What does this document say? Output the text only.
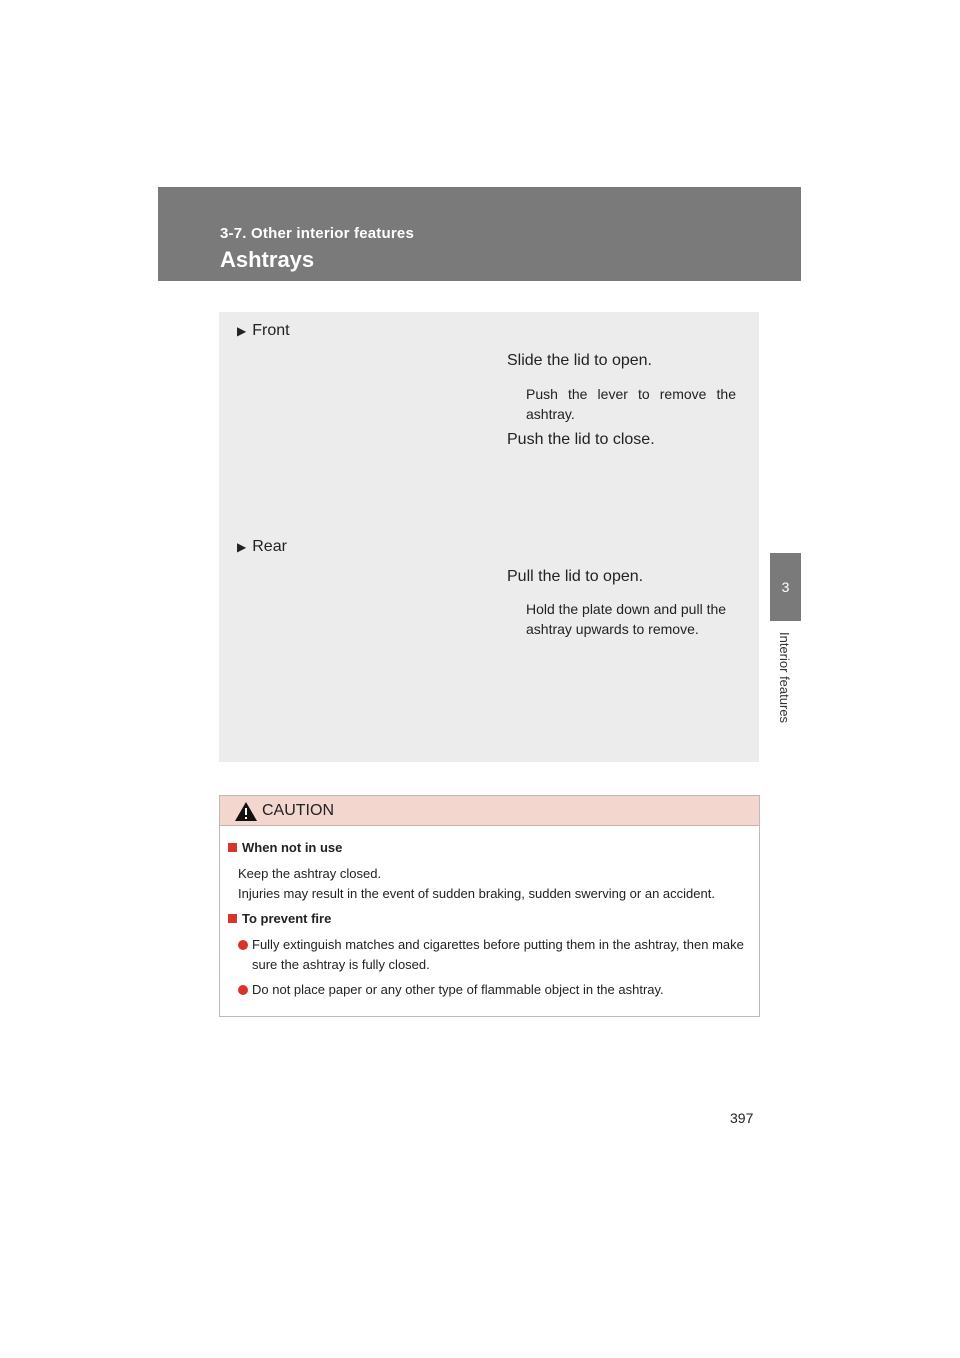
3-7. Other interior features
Ashtrays
3
Interior features
▶ Front
Slide the lid to open.
Push the lever to remove the ashtray.
Push the lid to close.
▶ Rear
Pull the lid to open.
Hold the plate down and pull the ashtray upwards to remove.
CAUTION
When not in use
Keep the ashtray closed.
Injuries may result in the event of sudden braking, sudden swerving or an accident.
To prevent fire
Fully extinguish matches and cigarettes before putting them in the ashtray, then make sure the ashtray is fully closed.
Do not place paper or any other type of flammable object in the ashtray.
397
